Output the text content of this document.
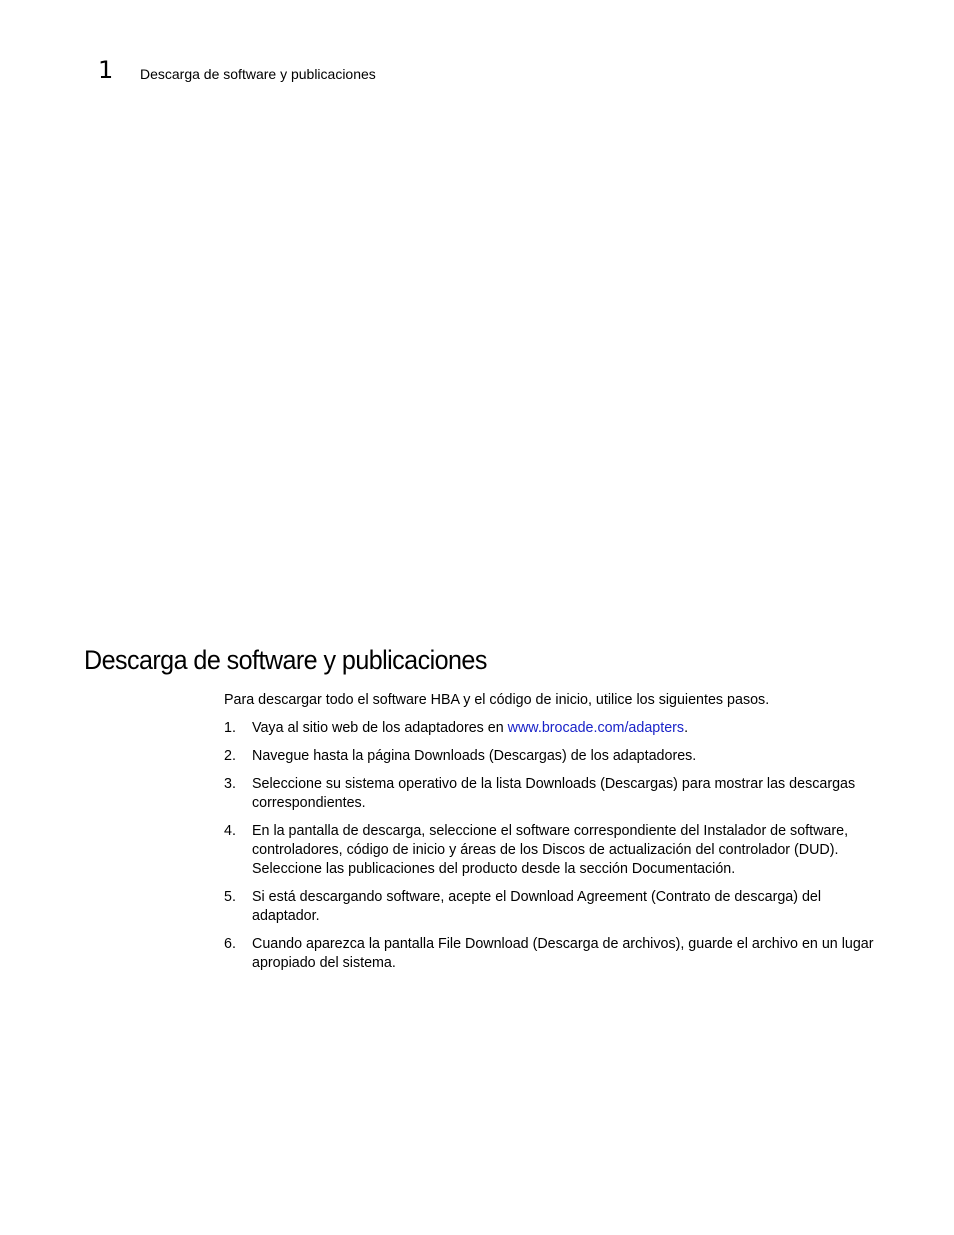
1 Descarga de software y publicaciones
Descarga de software y publicaciones

Para descargar todo el software HBA y el código de inicio, utilice los siguientes pasos.

1. Vaya al sitio web de los adaptadores en www.brocade.com/adapters.
2. Navegue hasta la página Downloads (Descargas) de los adaptadores.
3. Seleccione su sistema operativo de la lista Downloads (Descargas) para mostrar las descargas correspondientes.
4. En la pantalla de descarga, seleccione el software correspondiente del Instalador de software, controladores, código de inicio y áreas de los Discos de actualización del controlador (DUD). Seleccione las publicaciones del producto desde la sección Documentación.
5. Si está descargando software, acepte el Download Agreement (Contrato de descarga) del adaptador.
6. Cuando aparezca la pantalla File Download (Descarga de archivos), guarde el archivo en un lugar apropiado del sistema.
